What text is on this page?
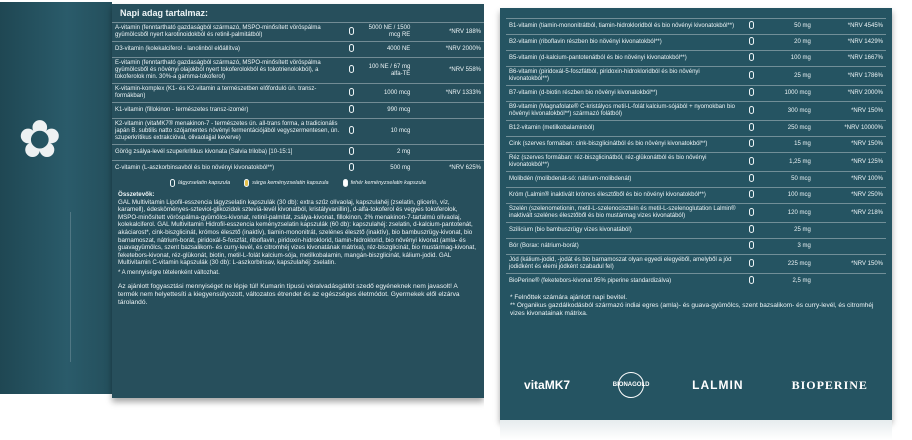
✿
Napi adag tartalmaz:
A-vitamin (fenntartható gazdaságból származó, MSPO-minősített vöröspálma gyümölcsből nyert karotinoidokból és retinil-palmitátból)		5000 NE / 1500 mcg RE	*NRV 188%
D3-vitamin (kolekalciferol - lanolinból előállítva)		4000 NE	*NRV 2000%
E-vitamin (fenntartható gazdaságból származó, MSPO-minősített vöröspálma gyümölcsből és növényi olajokból nyert tokoferolokból és tokotrienolokból), a tokoferolok min. 30%-a gamma-tokoferol)		100 NE / 67 mg alfa-TE	*NRV 558%
K-vitamin-komplex (K1- és K2-vitamin a természetben előforduló ún. transz-formákban)		1000 mcg	*NRV 1333%
K1-vitamin (fillokinon - természetes transz-izomér)		990 mcg	
K2-vitamin (vitaMK7® menakinon-7 - természetes ún. all-trans forma, a tradicionális japán B. subtilis natto szójamentes növényi fermentációjából vegyszermentesen, ún. szuperkritikus extrakcióval, olivaolajjal keverve)		10 mcg	
Görög zsálya-levél szuperkritikus kivonata (Salvia triloba) [10-15:1]		2 mg	
C-vitamin (L-aszkorbinsavból és bio növényi kivonatokból**)		500 mg	*NRV 625%
lágyzselatin kapszula	sárga keményzselatin kapszula	fehér keményzselatin kapszula
Összetevők:
GAL Multivitamin Lipofil-esszencia lágyzselatin kapszulák (30 db): extra szűz olívaolaj, kapszulahéj (zselatin, glicerin, víz, karamell), édesköményes-szteviol-glikozidok szteviá-levél kivonatból, kristályvanillin), d-alfa-tokoferol és vegyes tokoferolok, MSPO-minősített vöröspálma-gyümölcs-kivonat, retinil-palmitát, zsálya-kivonat, fillokinon, 2% menakinon-7-tartalmú olívaolaj, kolekalciferol. GAL Multivitamin Hidrofil-esszencia keményzselatin kapszulák (60 db): kapszulahéj: zselatin, d-kalcium-pantotenát, akáciarost*, cink-biszglicinát, krómos élesztő (inaktív), tiamin-mononitrát, szelénes élesztő (inaktív), bio bambuszrügy-kivonat, bio barnamoszat, nátrium-borát, piridoxál-5-foszfát, riboflavin, piridoxin-hidroklorid, tiamin-hidroklorid, bio növényi kivonat (amla- és guavagyümölcs, szent bazsalikom- és curry-levél, és citromhéj vizes kivonatának mátrixa), réz-biszglicinát, bio mustármag-kivonat, feketebors-kivonat, réz-glükonát, biotin, metil-L-folát kalcium-sója, metilkobalamin, mangán-biszglicinát, kálium-jodid. GAL Multivitamin C-vitamin kapszulák (30 db): L-aszkorbinsav, kapszulahéj: zselatin.
* A mennyiségre tételenként változhat.
Az ajánlott fogyasztási mennyiséget ne lépje túl! Kumarin típusú véralvadásgátlót szedő egyéneknek nem javasolt! A termék nem helyettesíti a kiegyensúlyozott, változatos étrendet és az egészséges életmódot. Gyermekek elől elzárva tárolandó.
B1-vitamin (tiamin-mononitrátból, tiamin-hidrokloridból és bio növényi kivonatokból**)		50 mg	*NRV 4545%
B2-vitamin (riboflavin részben bio növényi kivonatokból**)		20 mg	*NRV 1429%
B5-vitamin (d-kalcium-pantotenátból és bio növényi kivonatokból**)		100 mg	*NRV 1667%
B6-vitamin (piridoxál-5-foszfátból, piridoxin-hidrokloridból és bio növényi kivonatokból**)		25 mg	*NRV 1786%
B7-vitamin (d-biotin részben bio növényi kivonatokból**)		1000 mcg	*NRV 2000%
B9-vitamin (Magnafolate® C-kristályos metil-L-folát kalcium-sójából + nyomokban bio növényi kivonatokból**) származó folátból)		300 mcg	*NRV 150%
B12-vitamin (metilkobalaminból)		250 mcg	*NRV 10000%
Cink (szerves formában: cink-biszglicinátból és bio növényi kivonatokból**)		15 mg	*NRV 150%
Réz (szerves formában: réz-biszglicinátból, réz-glükonátból és bio növényi kivonatokból**)		1,25 mg	*NRV 125%
Molibdén (molibdenát-só: nátrium-molibdenát)		50 mcg	*NRV 100%
Króm (Lalmin® inaktivált krómos élesztőből és bio növényi kivonatokból**)		100 mcg	*NRV 250%
Szelén (szelenometionin, metil-L-szelenociszteín és metil-L-szelenoglutation Lalmin® inaktivált szelénes élesztőből és bio mustármag vizes kivonatából)		120 mcg	*NRV 218%
Szilícium (bio bambuszrügy vizes kivonatából)		25 mg	
Bór (Borax: nátrium-borát)		3 mg	
Jód (kálium-jodid, -jodát és bio barnamoszat olyan egyedi elegyéből, amelyből a jód jodidként és elemi jódként szabadul fel)		225 mcg	*NRV 150%
BioPerine® (feketebors-kivonat 95% piperine standardizálva)		2,5 mg	
* Felnőttek számára ajánlott napi bevitel.
** Organikus gazdálkodásból származó indiai egres (amla)- és guava-gyümölcs, szent bazsalikom- és curry-levél, és citromhéj vizes kivonatainak mátrixa.
vitaMK7	BIONAGOLD	LALMIN	BIOPERINE
